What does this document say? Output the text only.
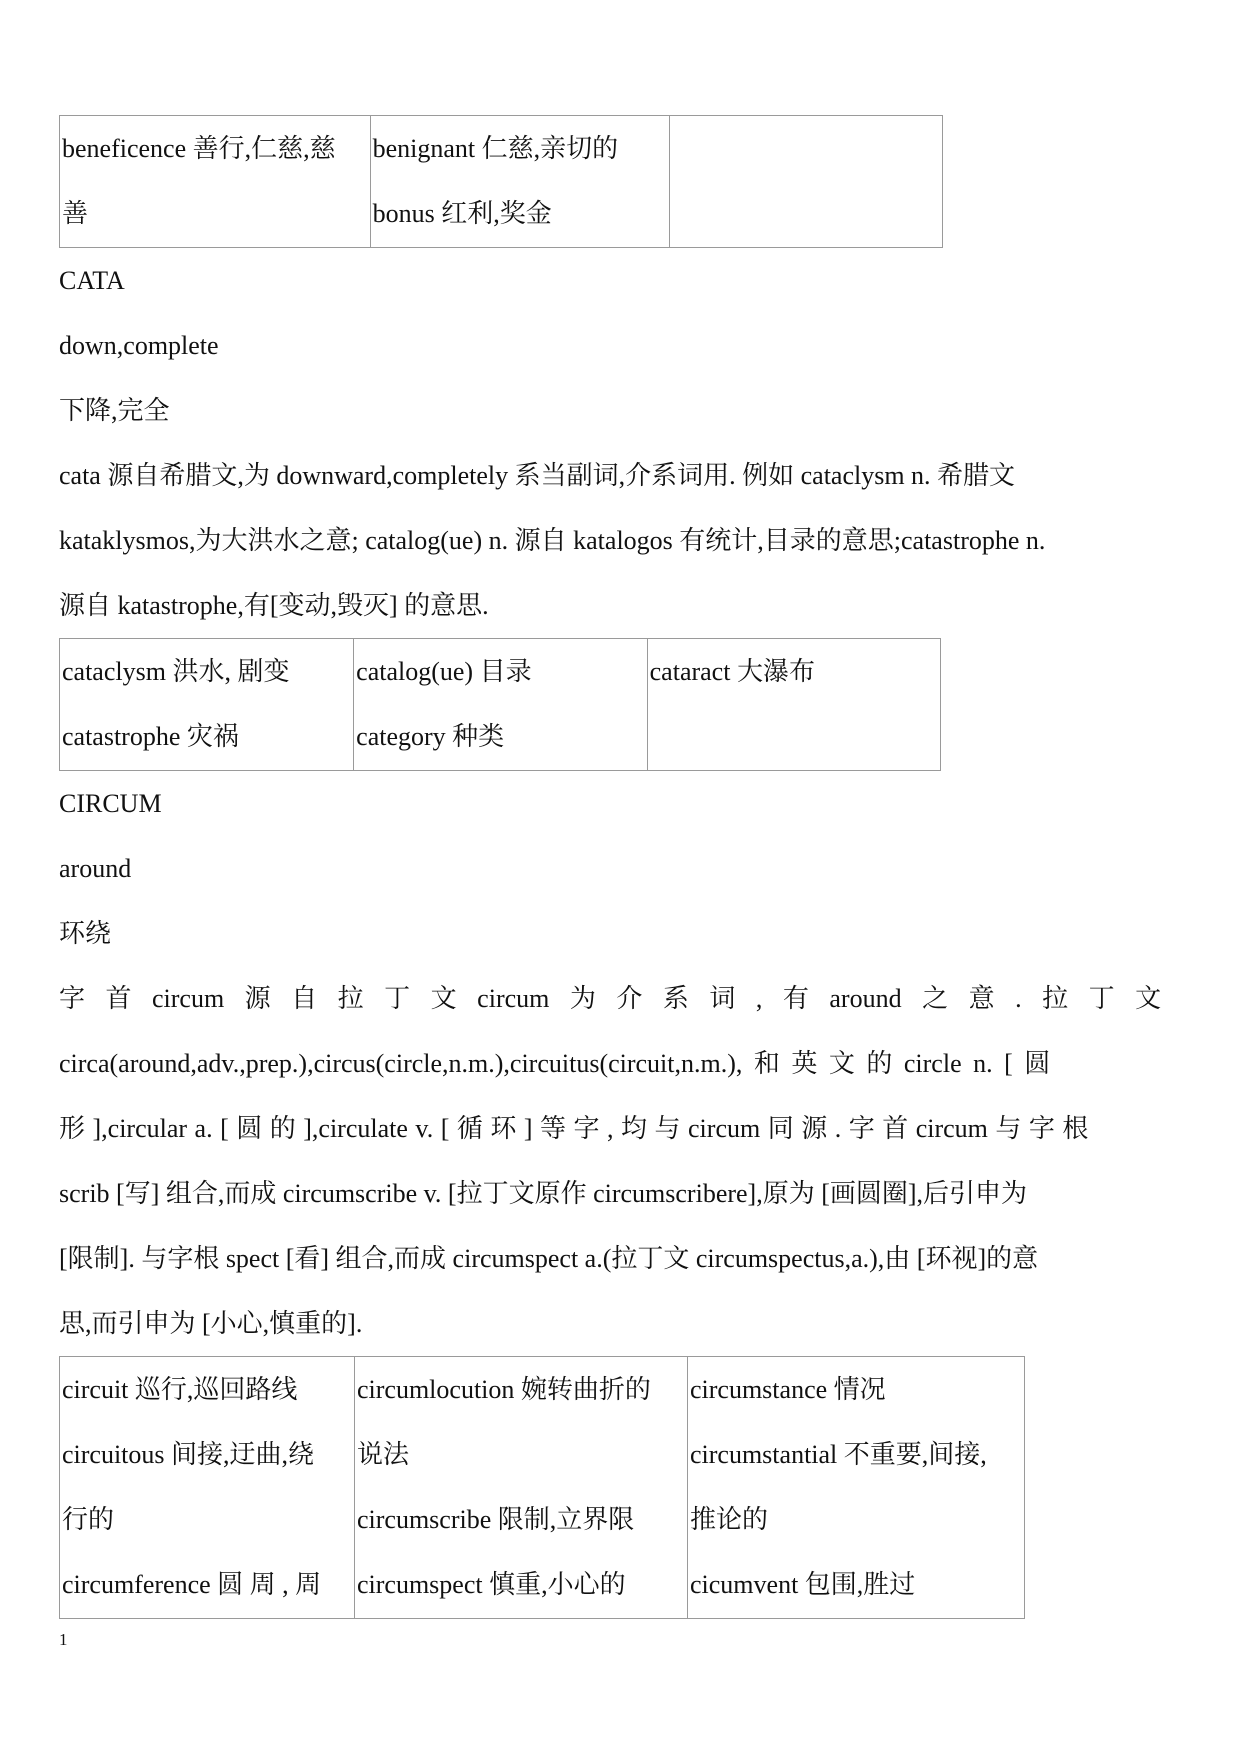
beneficence 善行,仁慈,慈
善

benignant 仁慈,亲切的
bonus 红利,奖金

CATA
down,complete
下降,完全
cata 源自希腊文,为 downward,completely 系当副词,介系词用. 例如 cataclysm n. 希腊文
kataklysmos,为大洪水之意; catalog(ue) n. 源自 katalogos 有统计,目录的意思;catastrophe n.
源自 katastrophe,有[变动,毁灭] 的意思.
cataclysm 洪水, 剧变
catastrophe 灾祸

catalog(ue) 目录
category 种类

cataract 大瀑布
CIRCUM
around
环绕
字 首 circum 源 自 拉 丁 文 circum 为 介 系 词 , 有 around 之 意 . 拉 丁 文
circa(around,adv.,prep.),circus(circle,n.m.),circuitus(circuit,n.m.), 和 英 文 的 circle n. [ 圆
形 ],circular a. [ 圆 的 ],circulate v. [ 循 环 ] 等 字 , 均 与 circum 同 源 . 字 首 circum 与 字 根
scrib [写] 组合,而成 circumscribe v. [拉丁文原作 circumscribere],原为 [画圆圈],后引申为
[限制]. 与字根 spect [看] 组合,而成 circumspect a.(拉丁文 circumspectus,a.),由 [环视]的意
思,而引申为 [小心,慎重的].
circuit 巡行,巡回路线
circuitous 间接,迂曲,绕
行的
circumference 圆 周 , 周

circumlocution 婉转曲折的
说法
circumscribe 限制,立界限
circumspect 慎重,小心的

circumstance 情况
circumstantial 不重要,间接,
推论的
cicumvent 包围,胜过
1
